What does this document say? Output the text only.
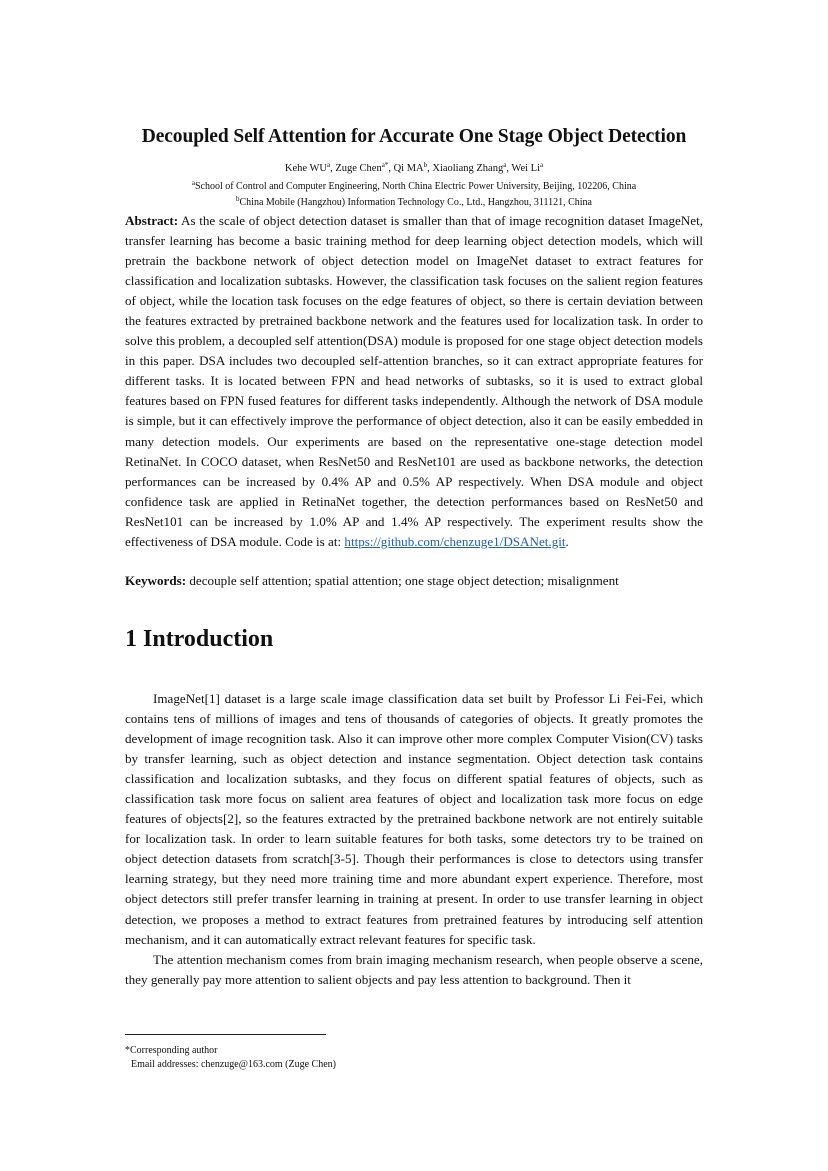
Decoupled Self Attention for Accurate One Stage Object Detection
Kehe $WU^a$, Zuge Chen$^{a*}$, Qi $MA^b$, Xiaoliang Zhang$^a$, Wei Li$^a$
$^a$School of Control and Computer Engineering, North China Electric Power University, Beijing, 102206, China
$^b$China Mobile (Hangzhou) Information Technology Co., Ltd., Hangzhou, 311121, China
Abstract: As the scale of object detection dataset is smaller than that of image recognition dataset ImageNet, transfer learning has become a basic training method for deep learning object detection models, which will pretrain the backbone network of object detection model on ImageNet dataset to extract features for classification and localization subtasks. However, the classification task focuses on the salient region features of object, while the location task focuses on the edge features of object, so there is certain deviation between the features extracted by pretrained backbone network and the features used for localization task. In order to solve this problem, a decoupled self attention(DSA) module is proposed for one stage object detection models in this paper. DSA includes two decoupled self-attention branches, so it can extract appropriate features for different tasks. It is located between FPN and head networks of subtasks, so it is used to extract global features based on FPN fused features for different tasks independently. Although the network of DSA module is simple, but it can effectively improve the performance of object detection, also it can be easily embedded in many detection models. Our experiments are based on the representative one-stage detection model RetinaNet. In COCO dataset, when ResNet50 and ResNet101 are used as backbone networks, the detection performances can be increased by 0.4% AP and 0.5% AP respectively. When DSA module and object confidence task are applied in RetinaNet together, the detection performances based on ResNet50 and ResNet101 can be increased by 1.0% AP and 1.4% AP respectively. The experiment results show the effectiveness of DSA module. Code is at: https://github.com/chenzuge1/DSANet.git.
Keywords: decouple self attention; spatial attention; one stage object detection; misalignment
1 Introduction

ImageNet[1] dataset is a large scale image classification data set built by Professor Li Fei-Fei, which contains tens of millions of images and tens of thousands of categories of objects. It greatly promotes the development of image recognition task. Also it can improve other more complex Computer Vision(CV) tasks by transfer learning, such as object detection and instance segmentation. Object detection task contains classification and localization subtasks, and they focus on different spatial features of objects, such as classification task more focus on salient area features of object and localization task more focus on edge features of objects[2], so the features extracted by the pretrained backbone network are not entirely suitable for localization task. In order to learn suitable features for both tasks, some detectors try to be trained on object detection datasets from scratch[3-5]. Though their performances is close to detectors using transfer learning strategy, but they need more training time and more abundant expert experience. Therefore, most object detectors still prefer transfer learning in training at present. In order to use transfer learning in object detection, we proposes a method to extract features from pretrained features by introducing self attention mechanism, and it can automatically extract relevant features for specific task.

The attention mechanism comes from brain imaging mechanism research, when people observe a scene, they generally pay more attention to salient objects and pay less attention to background. Then it

*Corresponding author
Email addresses: chenzuge@163.com (Zuge Chen)
